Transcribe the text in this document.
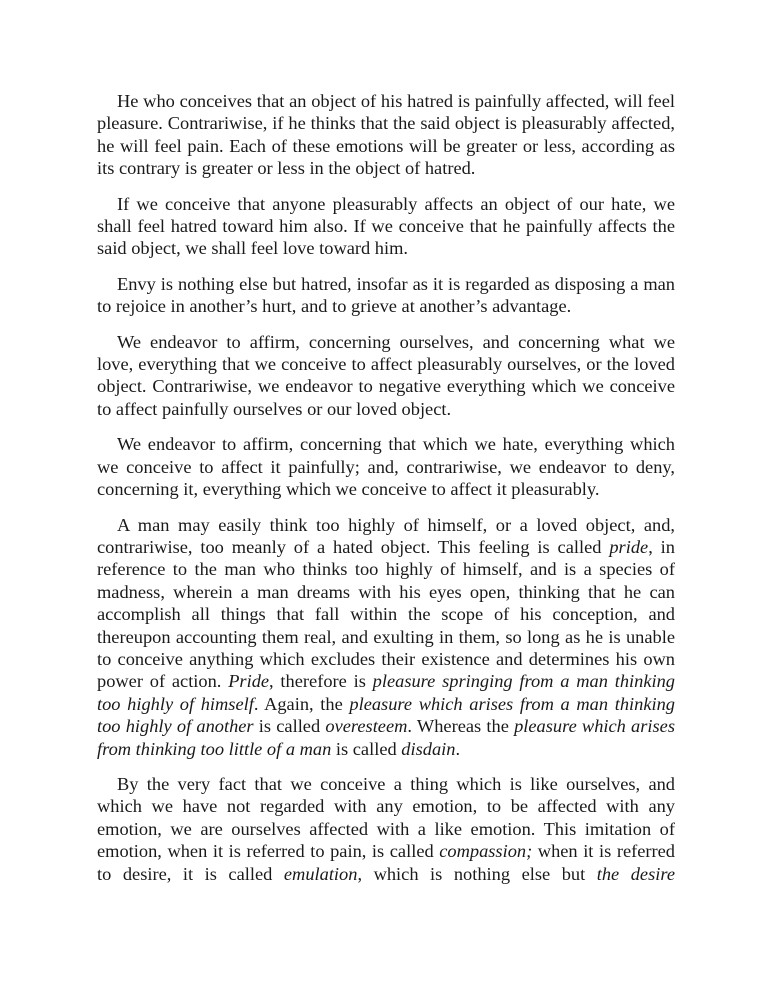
He who conceives that an object of his hatred is painfully affected, will feel pleasure. Contrariwise, if he thinks that the said object is pleasurably affected, he will feel pain. Each of these emotions will be greater or less, according as its contrary is greater or less in the object of hatred.

If we conceive that anyone pleasurably affects an object of our hate, we shall feel hatred toward him also. If we conceive that he painfully affects the said object, we shall feel love toward him.

Envy is nothing else but hatred, insofar as it is regarded as disposing a man to rejoice in another’s hurt, and to grieve at another’s advantage.

We endeavor to affirm, concerning ourselves, and concerning what we love, everything that we conceive to affect pleasurably ourselves, or the loved object. Contrariwise, we endeavor to negative everything which we conceive to affect painfully ourselves or our loved object.

We endeavor to affirm, concerning that which we hate, everything which we conceive to affect it painfully; and, contrariwise, we endeavor to deny, concerning it, everything which we conceive to affect it pleasurably.

A man may easily think too highly of himself, or a loved object, and, contrariwise, too meanly of a hated object. This feeling is called pride, in reference to the man who thinks too highly of himself, and is a species of madness, wherein a man dreams with his eyes open, thinking that he can accomplish all things that fall within the scope of his conception, and thereupon accounting them real, and exulting in them, so long as he is unable to conceive anything which excludes their existence and determines his own power of action. Pride, therefore is pleasure springing from a man thinking too highly of himself. Again, the pleasure which arises from a man thinking too highly of another is called overesteem. Whereas the pleasure which arises from thinking too little of a man is called disdain.

By the very fact that we conceive a thing which is like ourselves, and which we have not regarded with any emotion, to be affected with any emotion, we are ourselves affected with a like emotion. This imitation of emotion, when it is referred to pain, is called compassion; when it is referred to desire, it is called emulation, which is nothing else but the desire
